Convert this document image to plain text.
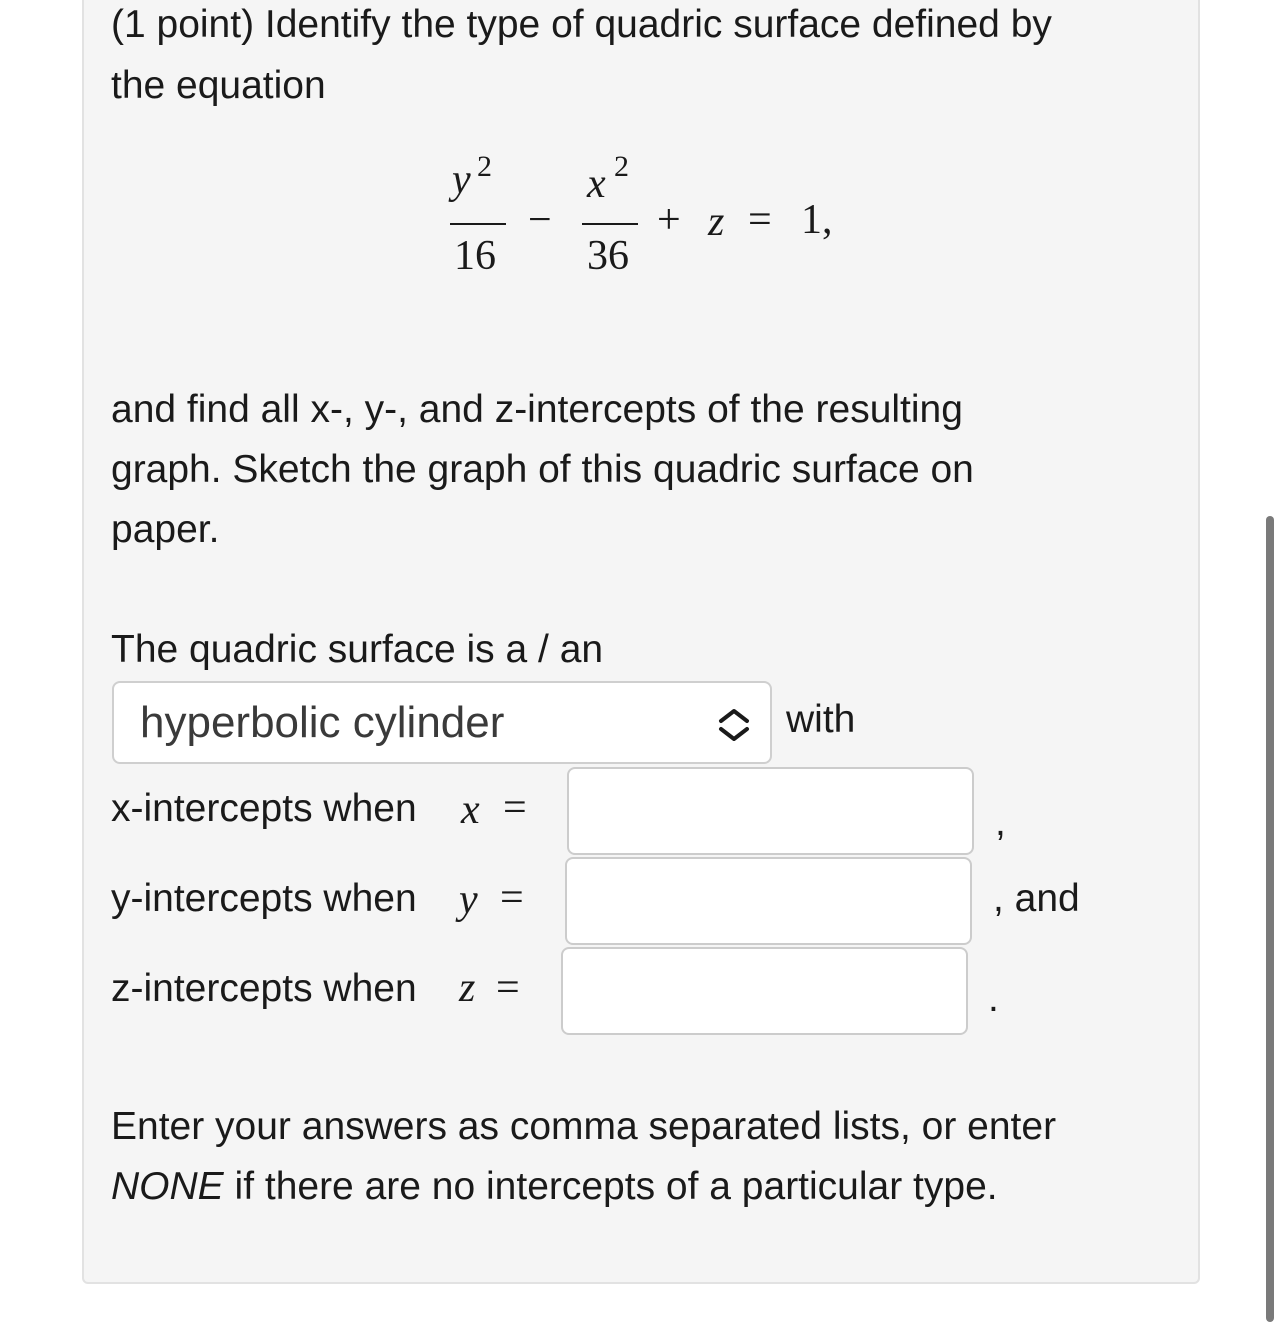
(1 point) Identify the type of quadric surface defined by

the equation

y 2
16
−
x 2
36
+ z = 1,

and find all x-, y-, and z-intercepts of the resulting

graph. Sketch the graph of this quadric surface on

paper.

The quadric surface is a / an

hyperbolic cylinder	with

x-intercepts when x =	,

y-intercepts when y =	, and

z-intercepts when z =	.

Enter your answers as comma separated lists, or enter

NONE if there are no intercepts of a particular type.
